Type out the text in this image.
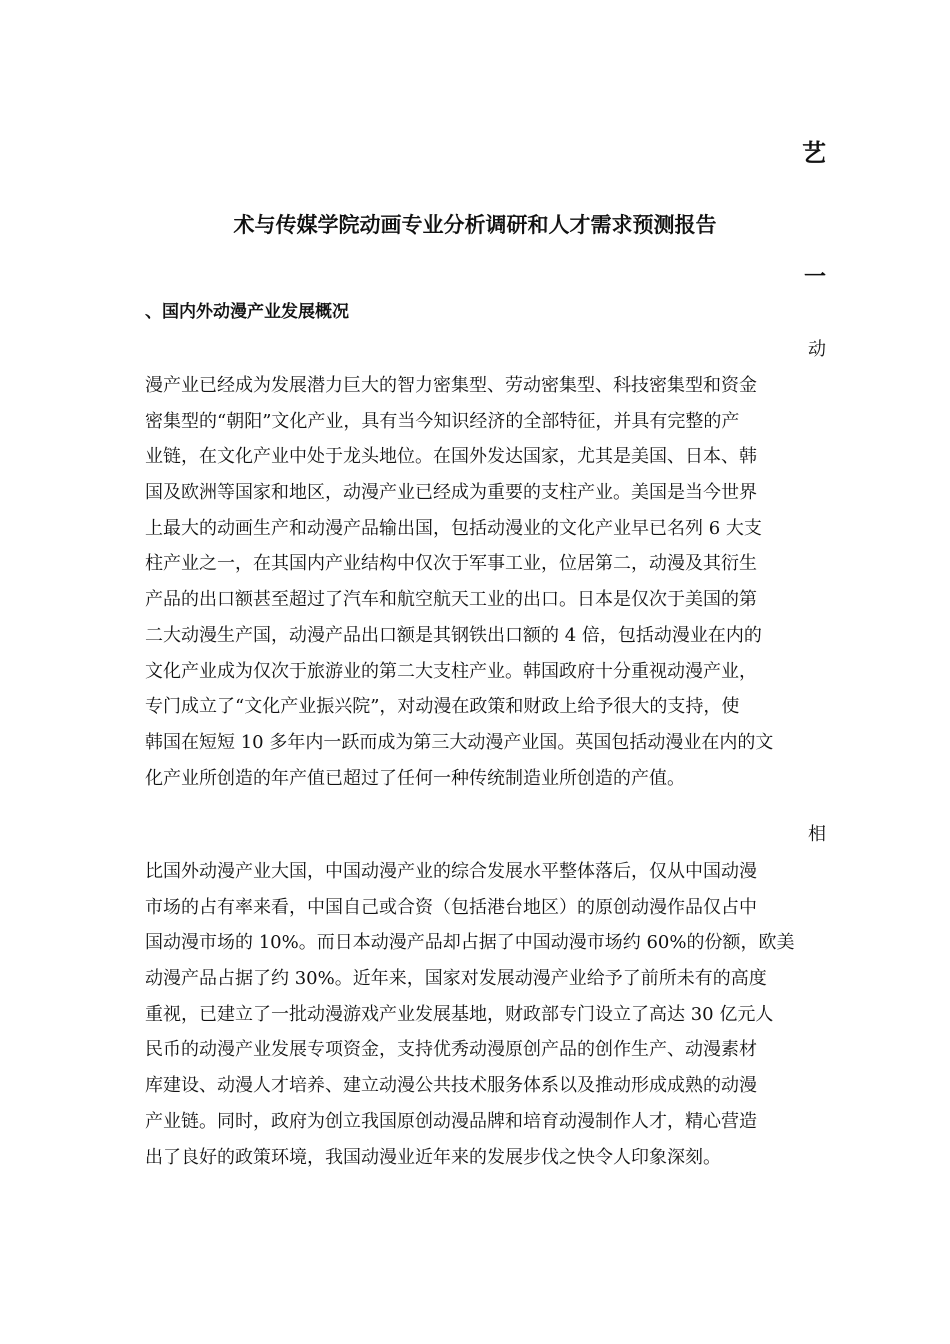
艺
术与传媒学院动画专业分析调研和人才需求预测报告
一
、国内外动漫产业发展概况
动
漫产业已经成为发展潜力巨大的智力密集型、劳动密集型、科技密集型和资金
密集型的“朝阳”文化产业，具有当今知识经济的全部特征，并具有完整的产
业链，在文化产业中处于龙头地位。在国外发达国家，尤其是美国、日本、韩
国及欧洲等国家和地区，动漫产业已经成为重要的支柱产业。美国是当今世界
上最大的动画生产和动漫产品输出国，包括动漫业的文化产业早已名列 6 大支
柱产业之一，在其国内产业结构中仅次于军事工业，位居第二，动漫及其衍生
产品的出口额甚至超过了汽车和航空航天工业的出口。日本是仅次于美国的第
二大动漫生产国，动漫产品出口额是其钢铁出口额的 4 倍，包括动漫业在内的
文化产业成为仅次于旅游业的第二大支柱产业。韩国政府十分重视动漫产业，
专门成立了“文化产业振兴院”，对动漫在政策和财政上给予很大的支持，使
韩国在短短 10 多年内一跃而成为第三大动漫产业国。英国包括动漫业在内的文
化产业所创造的年产值已超过了任何一种传统制造业所创造的产值。
相
比国外动漫产业大国，中国动漫产业的综合发展水平整体落后，仅从中国动漫
市场的占有率来看，中国自己或合资（包括港台地区）的原创动漫作品仅占中
国动漫市场的 10%。而日本动漫产品却占据了中国动漫市场约 60%的份额，欧美
动漫产品占据了约 30%。近年来，国家对发展动漫产业给予了前所未有的高度
重视，已建立了一批动漫游戏产业发展基地，财政部专门设立了高达 30 亿元人
民币的动漫产业发展专项资金，支持优秀动漫原创产品的创作生产、动漫素材
库建设、动漫人才培养、建立动漫公共技术服务体系以及推动形成成熟的动漫
产业链。同时，政府为创立我国原创动漫品牌和培育动漫制作人才，精心营造
出了良好的政策环境，我国动漫业近年来的发展步伐之快令人印象深刻。
